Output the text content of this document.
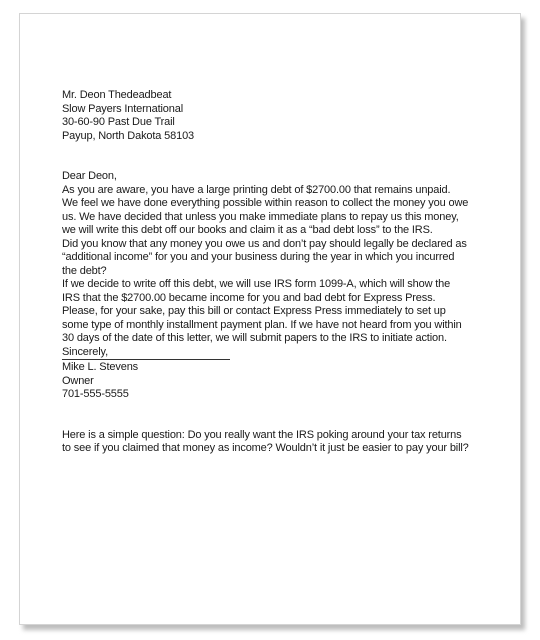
Mr. Deon Thedeadbeat
Slow Payers International
30-60-90 Past Due Trail
Payup, North Dakota 58103

Dear Deon,

As you are aware, you have a large printing debt of $2700.00 that remains unpaid.
We feel we have done everything possible within reason to collect the money you owe
us. We have decided that unless you make immediate plans to repay us this money,
we will write this debt off our books and claim it as a “bad debt loss” to the IRS.

Did you know that any money you owe us and don’t pay should legally be declared as
“additional income” for you and your business during the year in which you incurred
the debt?

If we decide to write off this debt, we will use IRS form 1099-A, which will show the
IRS that the $2700.00 became income for you and bad debt for Express Press.

Please, for your sake, pay this bill or contact Express Press immediately to set up
some type of monthly installment payment plan. If we have not heard from you within
30 days of the date of this letter, we will submit papers to the IRS to initiate action.

Sincerely,

Mike L. Stevens
Owner
701-555-5555

Here is a simple question: Do you really want the IRS poking around your tax returns
to see if you claimed that money as income? Wouldn’t it just be easier to pay your bill?
